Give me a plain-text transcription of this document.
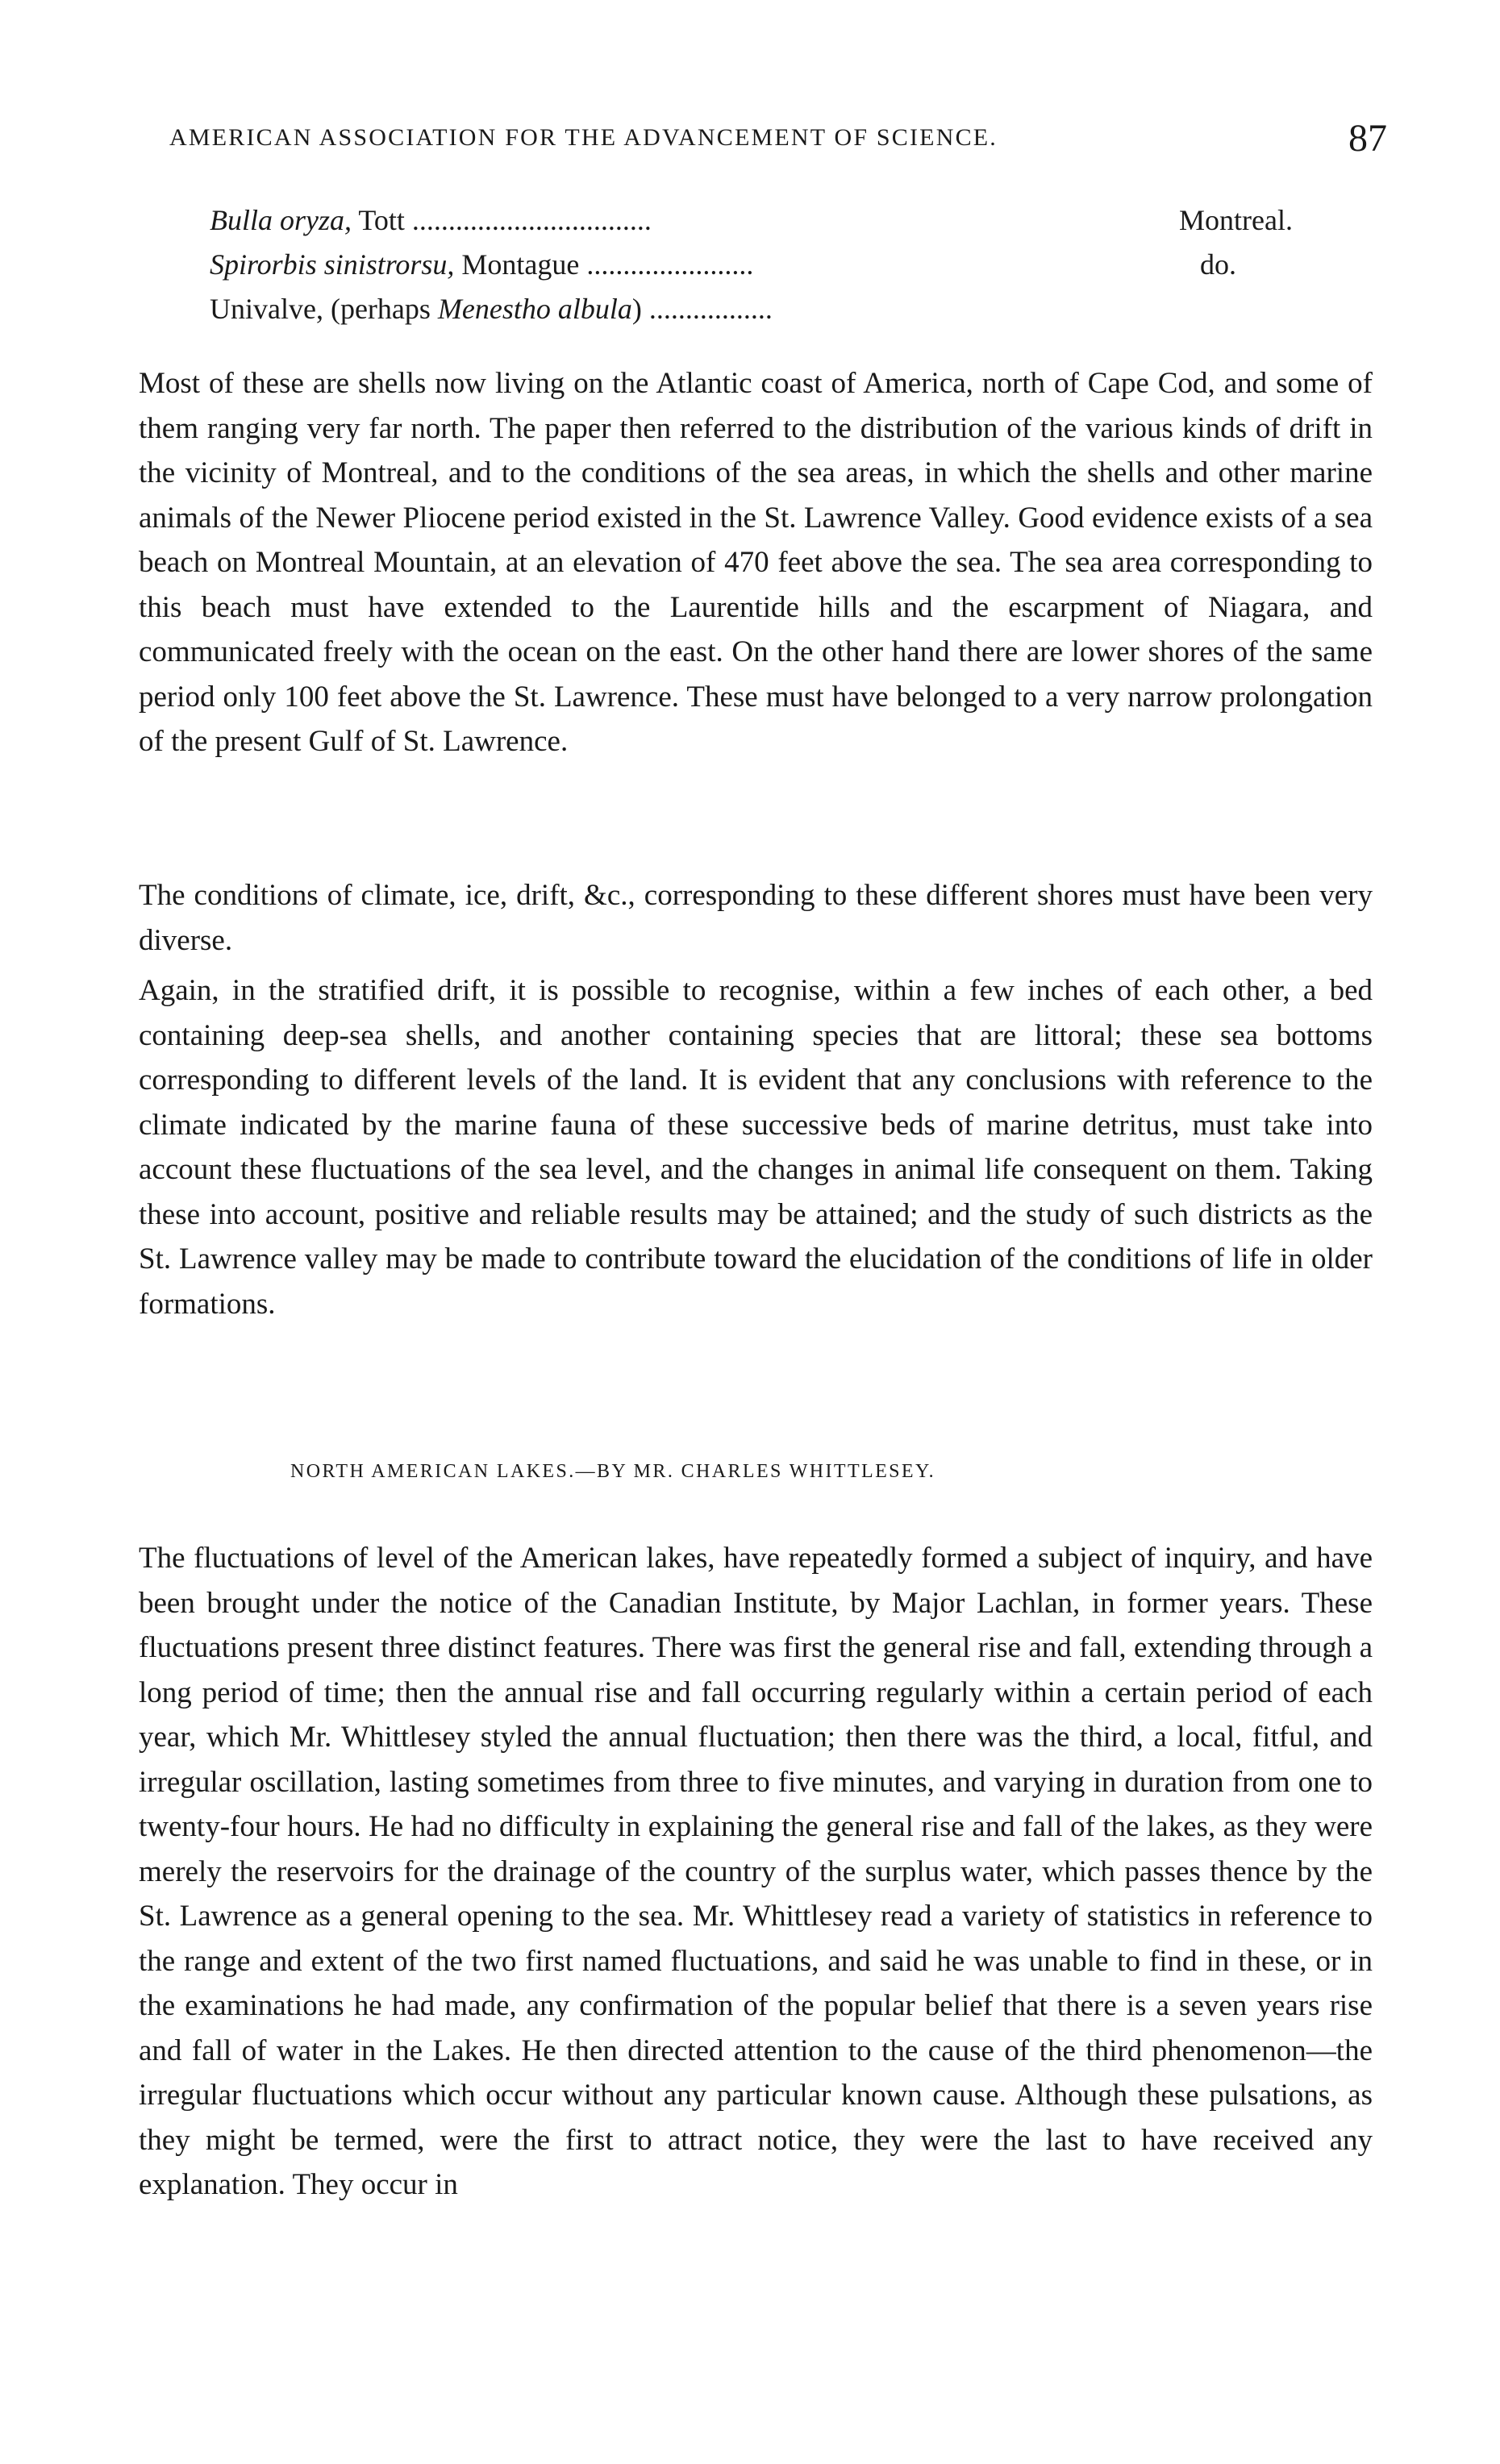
AMERICAN ASSOCIATION FOR THE ADVANCEMENT OF SCIENCE.	87
Bulla oryza, Tott .................................	Montreal.
Spirorbis sinistrorsu, Montague .......................	do.
Univalve, (perhaps Menestho albula) .................

Most of these are shells now living on the Atlantic coast of America, north of Cape Cod, and some of them ranging very far north. The paper then referred to the distribution of the various kinds of drift in the vicinity of Montreal, and to the conditions of the sea areas, in which the shells and other marine animals of the Newer Pliocene period existed in the St. Lawrence Valley. Good evidence exists of a sea beach on Montreal Mountain, at an elevation of 470 feet above the sea. The sea area corresponding to this beach must have extended to the Laurentide hills and the escarpment of Niagara, and communicated freely with the ocean on the east. On the other hand there are lower shores of the same period only 100 feet above the St. Lawrence. These must have belonged to a very narrow prolongation of the present Gulf of St. Lawrence.

The conditions of climate, ice, drift, &c., corresponding to these different shores must have been very diverse.

Again, in the stratified drift, it is possible to recognise, within a few inches of each other, a bed containing deep-sea shells, and another containing species that are littoral; these sea bottoms corresponding to different levels of the land. It is evident that any conclusions with reference to the climate indicated by the marine fauna of these successive beds of marine detritus, must take into account these fluctuations of the sea level, and the changes in animal life consequent on them. Taking these into account, positive and reliable results may be attained; and the study of such districts as the St. Lawrence valley may be made to contribute toward the elucidation of the conditions of life in older formations.

NORTH AMERICAN LAKES.—BY MR. CHARLES WHITTLESEY.

The fluctuations of level of the American lakes, have repeatedly formed a subject of inquiry, and have been brought under the notice of the Canadian Institute, by Major Lachlan, in former years. These fluctuations present three distinct features. There was first the general rise and fall, extending through a long period of time; then the annual rise and fall occurring regularly within a certain period of each year, which Mr. Whittlesey styled the annual fluctuation; then there was the third, a local, fitful, and irregular oscillation, lasting sometimes from three to five minutes, and varying in duration from one to twenty-four hours. He had no difficulty in explaining the general rise and fall of the lakes, as they were merely the reservoirs for the drainage of the country of the surplus water, which passes thence by the St. Lawrence as a general opening to the sea. Mr. Whittlesey read a variety of statistics in reference to the range and extent of the two first named fluctuations, and said he was unable to find in these, or in the examinations he had made, any confirmation of the popular belief that there is a seven years rise and fall of water in the Lakes. He then directed attention to the cause of the third phenomenon—the irregular fluctuations which occur without any particular known cause. Although these pulsations, as they might be termed, were the first to attract notice, they were the last to have received any explanation. They occur in
